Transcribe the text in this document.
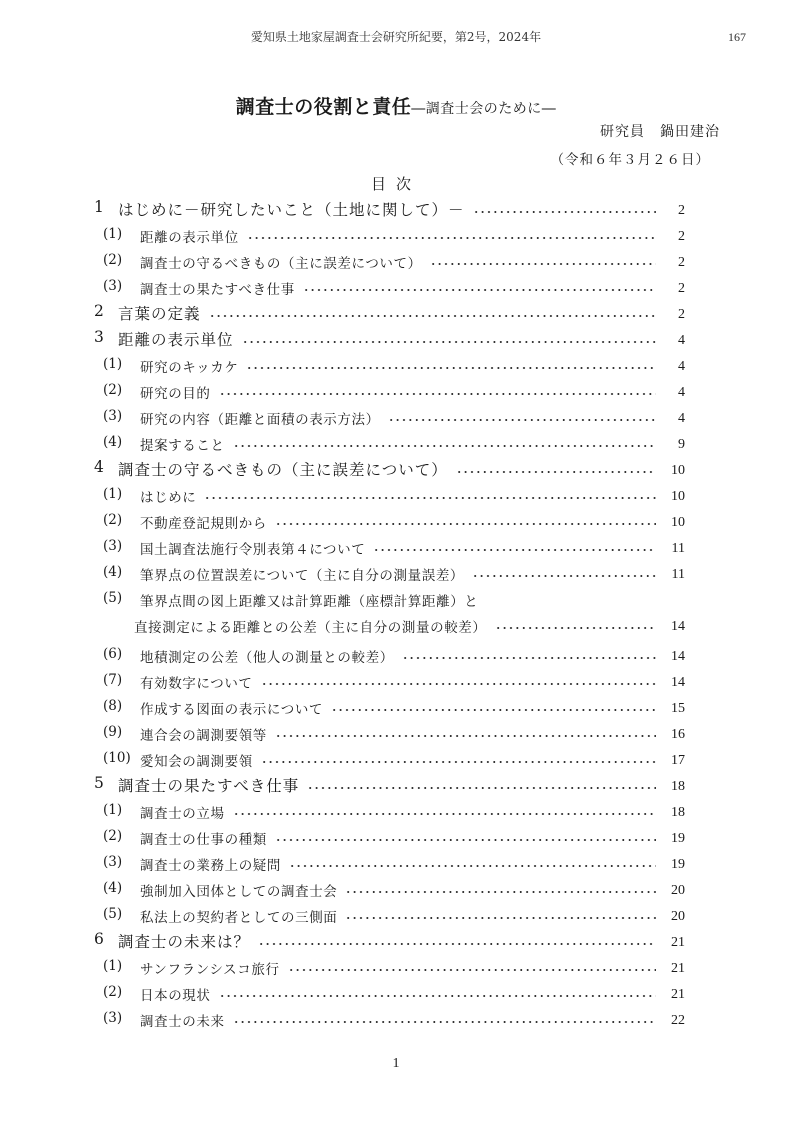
愛知県土地家屋調査士会研究所紀要，第2号，2024年	167
調査士の役割と責任―調査士会のために―
研究員　鍋田建治
（令和６年３月２６日）
目次
1 はじめに－研究したいこと（土地に関して）－	2
(1) 距離の表示単位	2
(2) 調査士の守るべきもの（主に誤差について）	2
(3) 調査士の果たすべき仕事	2
2 言葉の定義	2
3 距離の表示単位	4
(1) 研究のキッカケ	4
(2) 研究の目的	4
(3) 研究の内容（距離と面積の表示方法）	4
(4) 提案すること	9
4 調査士の守るべきもの（主に誤差について）	10
(1) はじめに	10
(2) 不動産登記規則から	10
(3) 国土調査法施行令別表第４について	11
(4) 筆界点の位置誤差について（主に自分の測量誤差）	11
(5) 筆界点間の図上距離又は計算距離（座標計算距離）と
直接測定による距離との公差（主に自分の測量の較差）	14
(6) 地積測定の公差（他人の測量との較差）	14
(7) 有効数字について	14
(8) 作成する図面の表示について	15
(9) 連合会の調測要領等	16
(10) 愛知会の調測要領	17
5 調査士の果たすべき仕事	18
(1) 調査士の立場	18
(2) 調査士の仕事の種類	19
(3) 調査士の業務上の疑問	19
(4) 強制加入団体としての調査士会	20
(5) 私法上の契約者としての三側面	20
6 調査士の未来は？	21
(1) サンフランシスコ旅行	21
(2) 日本の現状	21
(3) 調査士の未来	22
1
